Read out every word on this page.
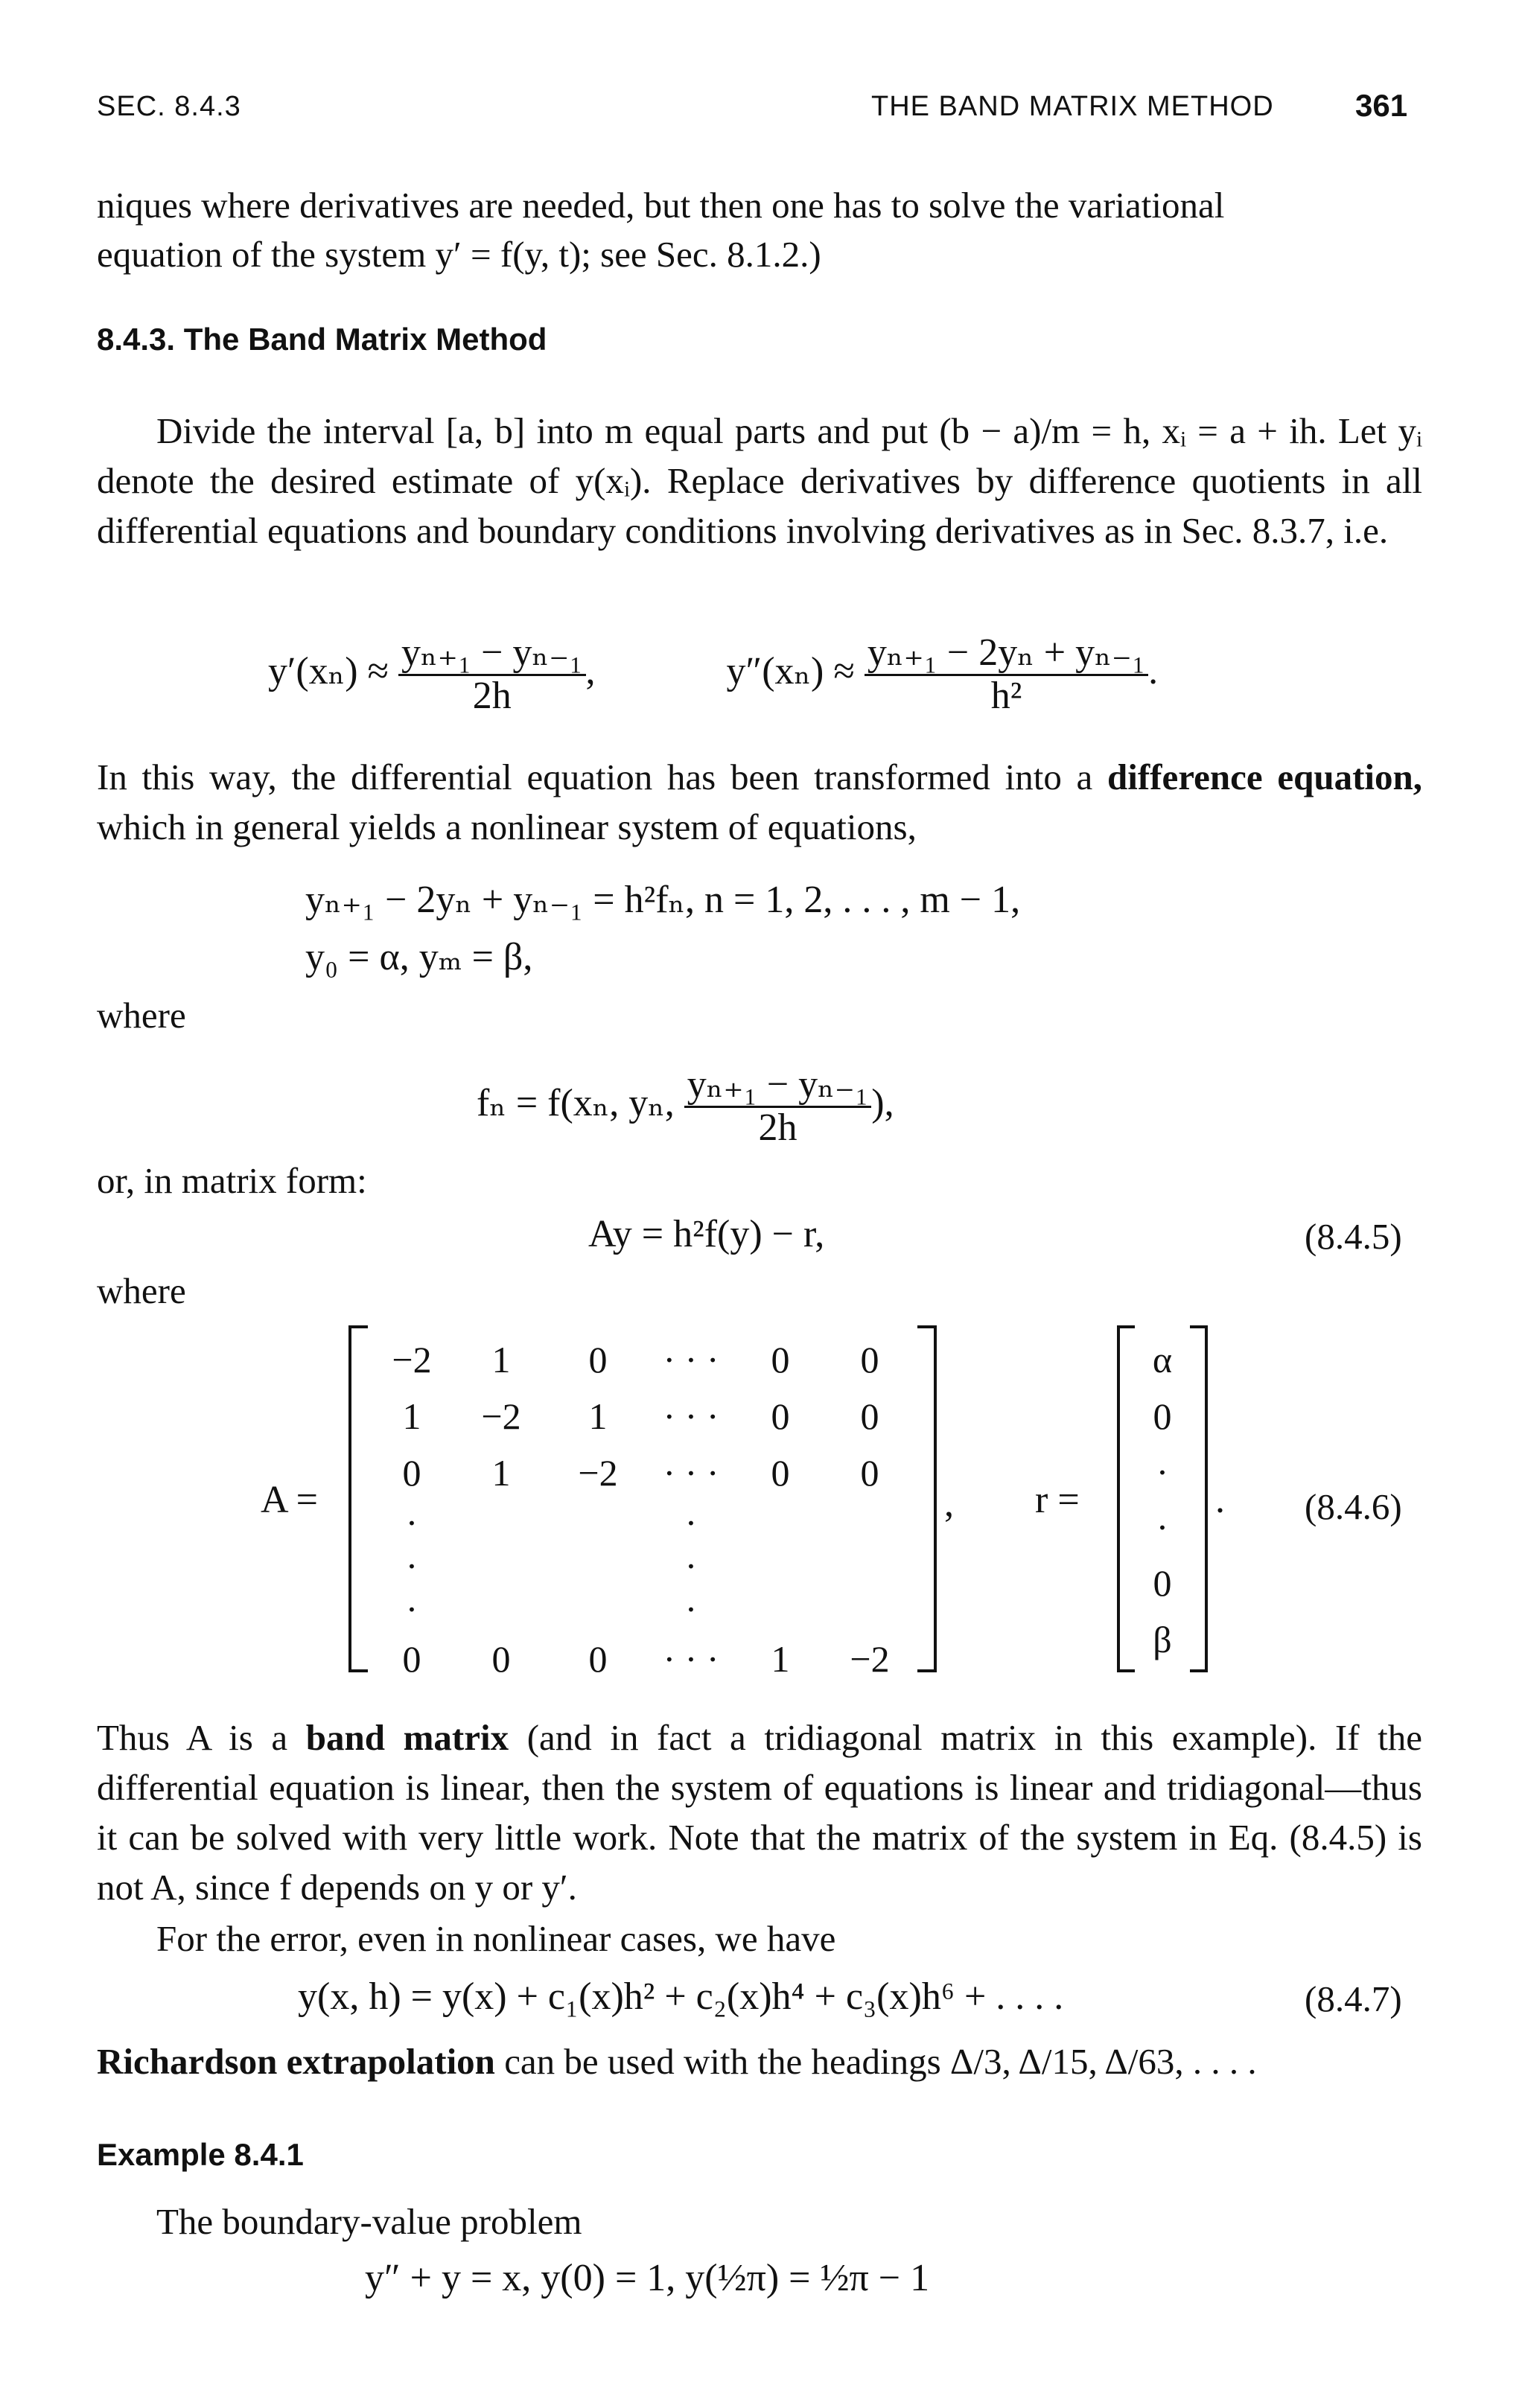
SEC. 8.4.3	THE BAND MATRIX METHOD	361
niques where derivatives are needed, but then one has to solve the variational
equation of the system y′ = f(y, t); see Sec. 8.1.2.)
8.4.3. The Band Matrix Method
Divide the interval [a, b] into m equal parts and put (b − a)/m = h, xᵢ = a + ih. Let yᵢ denote the desired estimate of y(xᵢ). Replace derivatives by difference quotients in all differential equations and boundary conditions involving derivatives as in Sec. 8.3.7, i.e.
$y'(x_n) \approx \frac{\text{yₙ₊₁ − yₙ₋₁}}{2h}$ ,	$y''(x_n) \approx \frac{\text{yₙ₊₁ − 2yₙ + yₙ₋₁}}{\text{h²}}$ .
In this way, the differential equation has been transformed into a difference equation, which in general yields a nonlinear system of equations,
yₙ₊₁ − 2yₙ + yₙ₋₁ = h²fₙ, n = 1, 2, . . . , m − 1,
y₀ = α, yₘ = β,
where
fₙ = f(xₙ, yₙ, $\frac{\text{yₙ₊₁ − yₙ₋₁}}{2h}$ ),
or, in matrix form:
Ay = h²f(y) − r,	(8.4.5)
where
A =
−2	1	0	· · ·	0	0
1	−2	1	· · ·	0	0
0	1	−2	· · ·	0	0
·	·
·	·
·	·
0	0	0	· · ·	1	−2
, r =
α
0
·
·
0
β
. (8.4.6)
Thus A is a band matrix (and in fact a tridiagonal matrix in this example). If the differential equation is linear, then the system of equations is linear and tridiagonal—thus it can be solved with very little work. Note that the matrix of the system in Eq. (8.4.5) is not A, since f depends on y or y′.
For the error, even in nonlinear cases, we have
y(x, h) = y(x) + c₁(x)h² + c₂(x)h⁴ + c₃(x)h⁶ + . . . .	(8.4.7)
Richardson extrapolation can be used with the headings Δ/3, Δ/15, Δ/63, . . . .
Example 8.4.1
The boundary-value problem
y″ + y = x, y(0) = 1, y(½π) = ½π − 1
